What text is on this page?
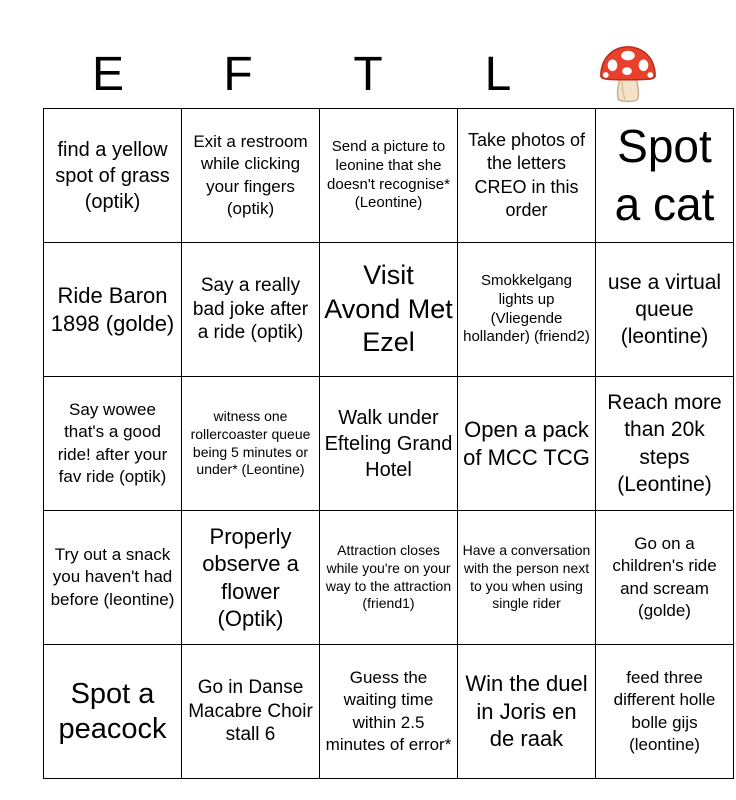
E	F	T	L
find a yellow spot of grass (optik)	Exit a restroom while clicking your fingers (optik)	Send a picture to leonine that she doesn't recognise* (Leontine)	Take photos of the letters CREO in this order	Spot a cat
Ride Baron 1898 (golde)	Say a really bad joke after a ride (optik)	Visit Avond Met Ezel	Smokkelgang lights up (Vliegende hollander) (friend2)	use a virtual queue (leontine)
Say wowee that's a good ride! after your fav ride (optik)	witness one rollercoaster queue being 5 minutes or under* (Leontine)	Walk under Efteling Grand Hotel	Open a pack of MCC TCG	Reach more than 20k steps (Leontine)
Try out a snack you haven't had before (leontine)	Properly observe a flower (Optik)	Attraction closes while you're on your way to the attraction (friend1)	Have a conversation with the person next to you when using single rider	Go on a children's ride and scream (golde)
Spot a peacock	Go in Danse Macabre Choir stall 6	Guess the waiting time within 2.5 minutes of error*	Win the duel in Joris en de raak	feed three different holle bolle gijs (leontine)
